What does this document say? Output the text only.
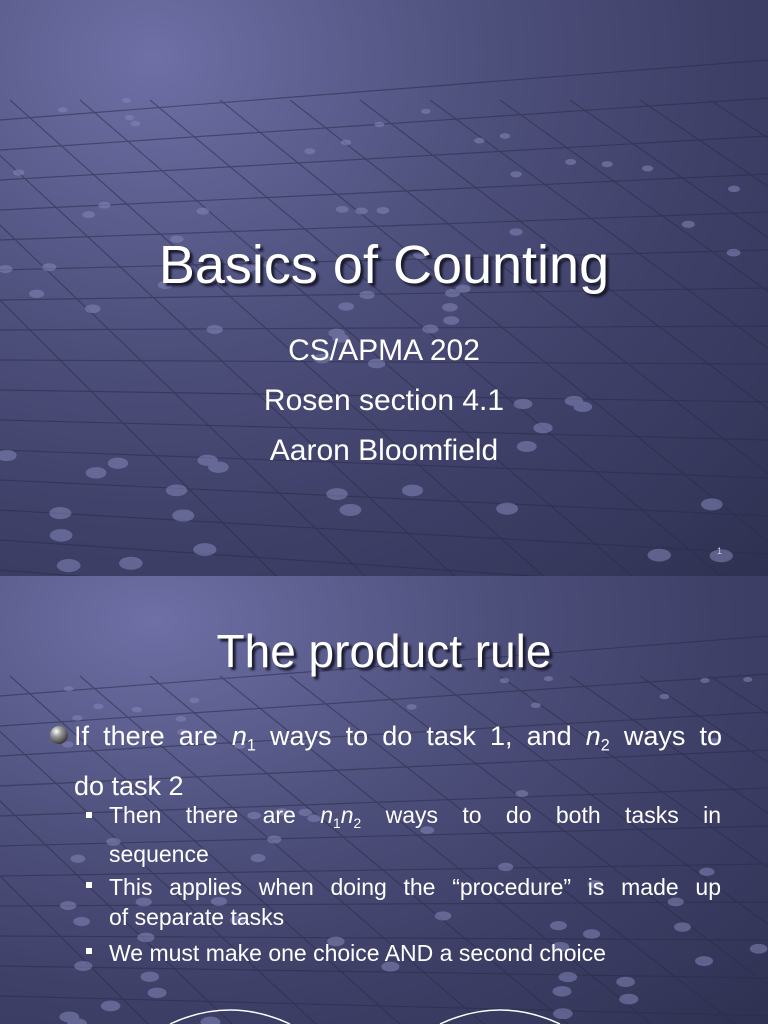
Basics of Counting
CS/APMA 202
Rosen section 4.1
Aaron Bloomfield
1
The product rule
If there are $n_1$ ways to do task 1, and $n_2$ ways to
do task 2
Then there are $n_1n_2$ ways to do both tasks in
sequence
This applies when doing the “procedure” is made up
of separate tasks
We must make one choice AND a second choice
